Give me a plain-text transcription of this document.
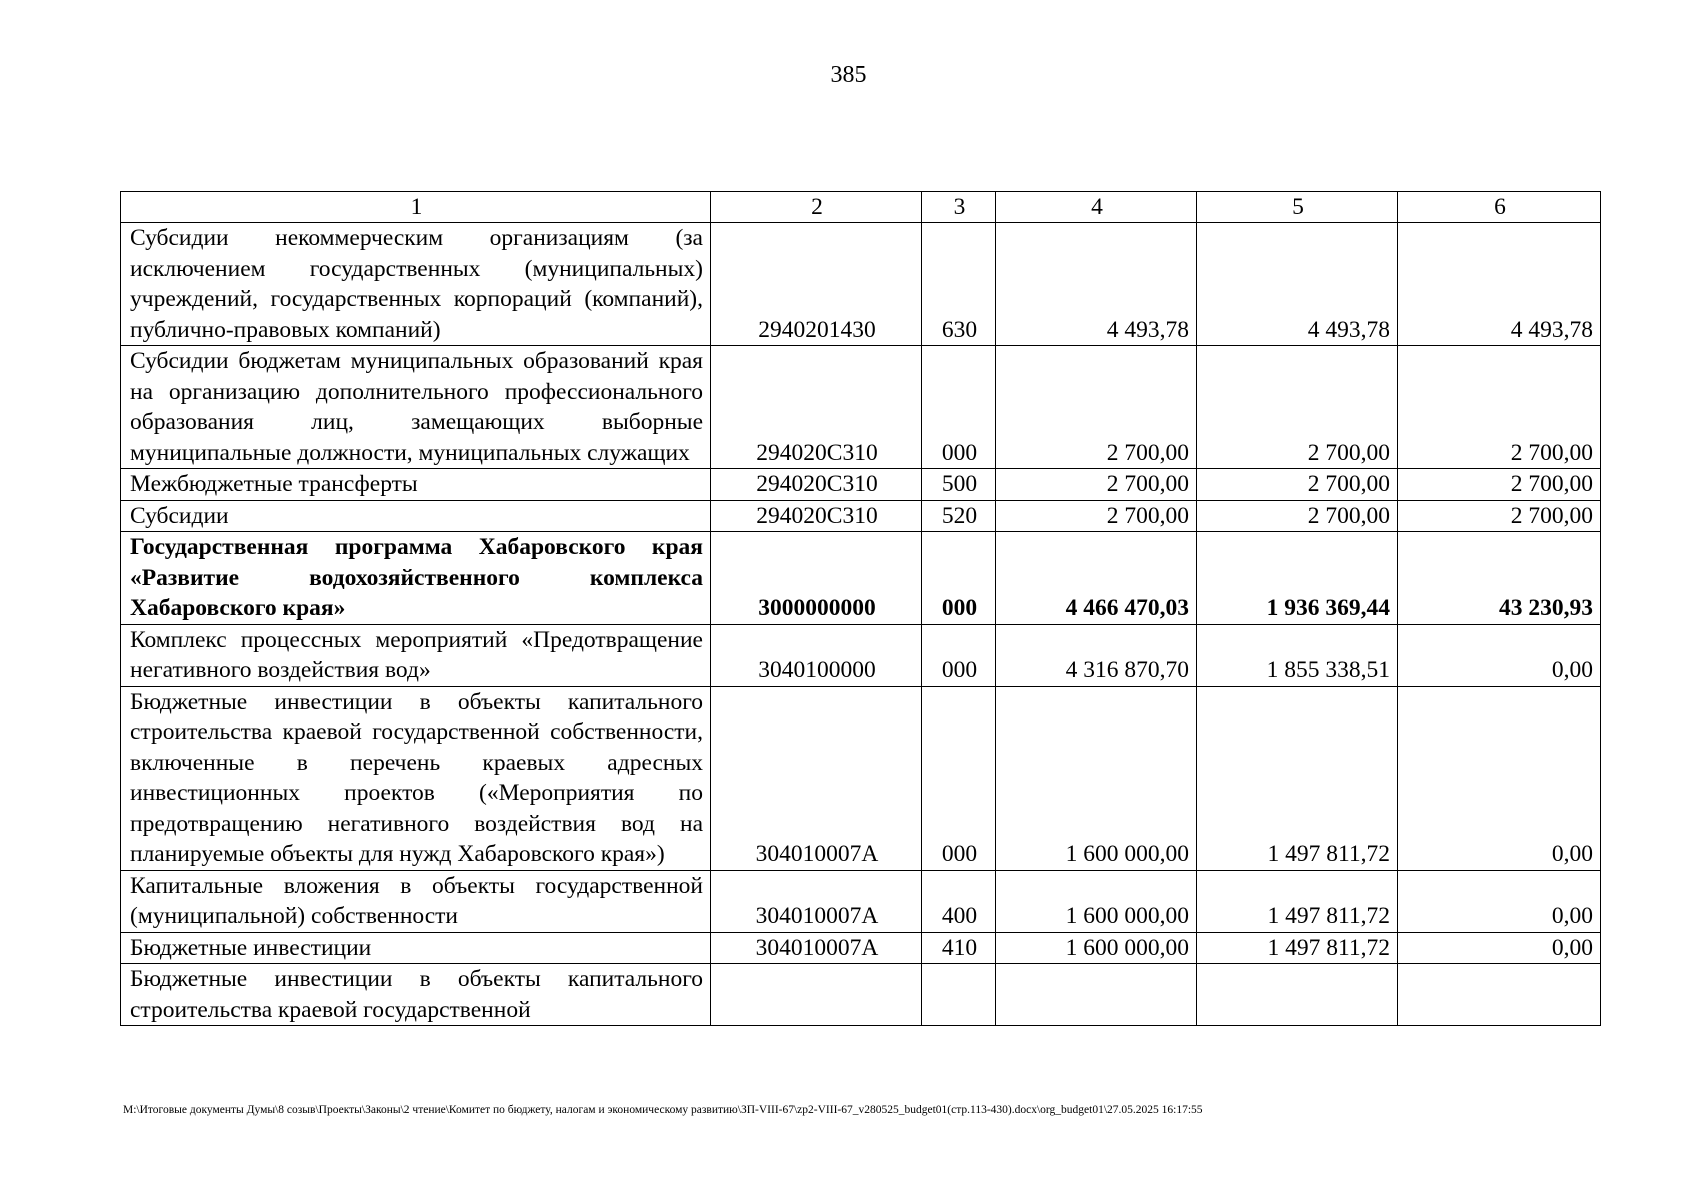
385
1	2	3	4	5	6
Субсидии некоммерческим организациям (за исключением государственных (муниципальных) учреждений, государственных корпораций (компаний), публично-правовых компаний)	2940201430	630	4 493,78	4 493,78	4 493,78
Субсидии бюджетам муниципальных образований края на организацию дополнительного профессионального образования лиц, замещающих выборные муниципальные должности, муниципальных служащих	294020С310	000	2 700,00	2 700,00	2 700,00
Межбюджетные трансферты	294020С310	500	2 700,00	2 700,00	2 700,00
Субсидии	294020С310	520	2 700,00	2 700,00	2 700,00
Государственная программа Хабаровского края «Развитие водохозяйственного комплекса Хабаровского края»	3000000000	000	4 466 470,03	1 936 369,44	43 230,93
Комплекс процессных мероприятий «Предотвращение негативного воздействия вод»	3040100000	000	4 316 870,70	1 855 338,51	0,00
Бюджетные инвестиции в объекты капитального строительства краевой государственной собственности, включенные в перечень краевых адресных инвестиционных проектов («Мероприятия по предотвращению негативного воздействия вод на планируемые объекты для нужд Хабаровского края»)	304010007А	000	1 600 000,00	1 497 811,72	0,00
Капитальные вложения в объекты государственной (муниципальной) собственности	304010007А	400	1 600 000,00	1 497 811,72	0,00
Бюджетные инвестиции	304010007А	410	1 600 000,00	1 497 811,72	0,00
Бюджетные инвестиции в объекты капитального строительства краевой государственной					
M:\Итоговые документы Думы\8 созыв\Проекты\Законы\2 чтение\Комитет по бюджету, налогам и экономическому развитию\ЗП-VIII-67\zp2-VIII-67_v280525_budget01(стр.113-430).docx\org_budget01\27.05.2025 16:17:55
